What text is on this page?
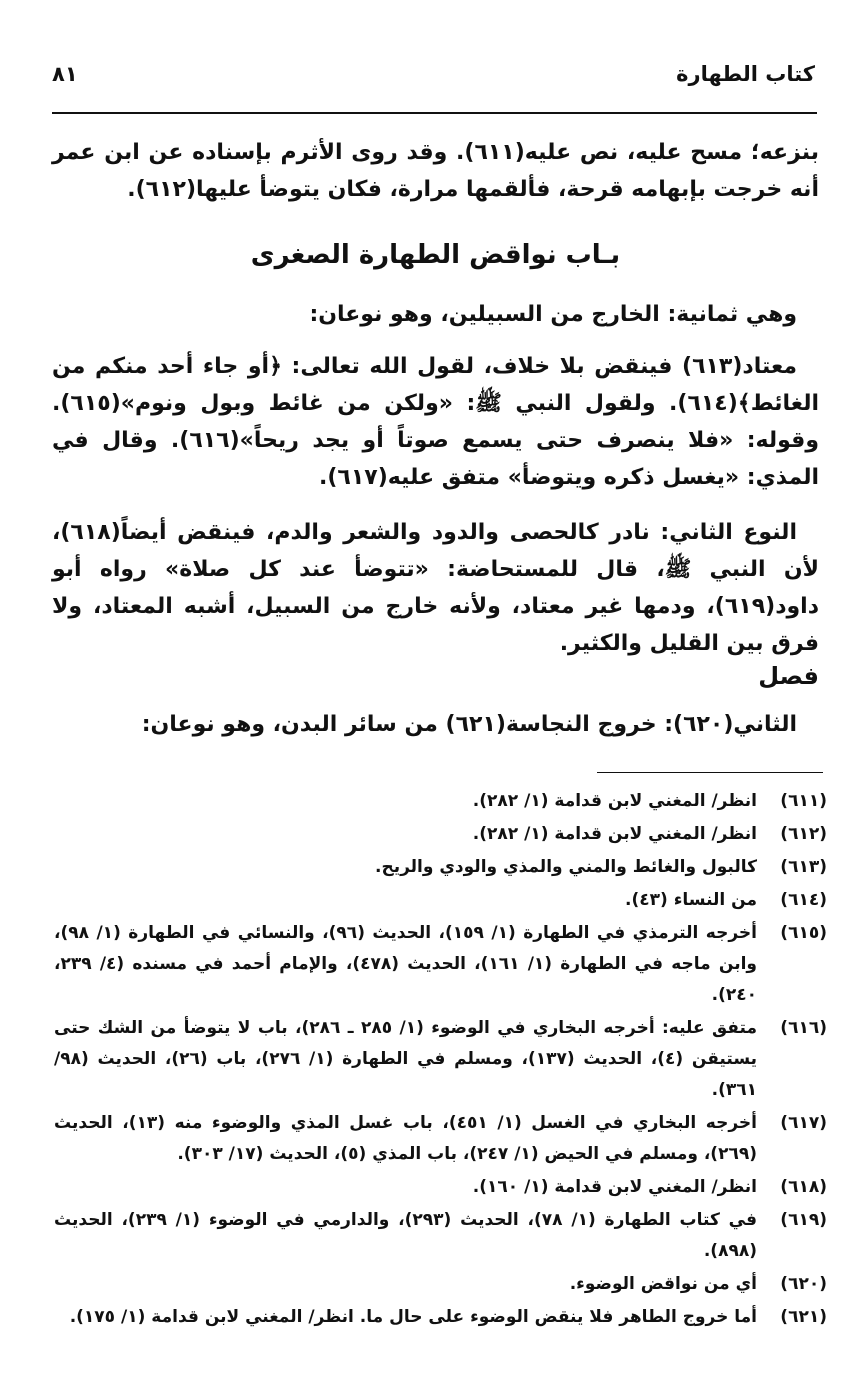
كتاب الطهارة
٨١

بنزعه؛ مسح عليه، نص عليه(٦١١). وقد روى الأثرم بإسناده عن ابن عمر أنه خرجت بإبهامه قرحة، فألقمها مرارة، فكان يتوضأ عليها(٦١٢).

بـاب نواقض الطهارة الصغرى

وهي ثمانية: الخارج من السبيلين، وهو نوعان:

معتاد(٦١٣) فينقض بلا خلاف، لقول الله تعالى: ﴿أو جاء أحد منكم من الغائط﴾(٦١٤). ولقول النبي ﷺ: «ولكن من غائط وبول ونوم»(٦١٥). وقوله: «فلا ينصرف حتى يسمع صوتاً أو يجد ريحاً»(٦١٦). وقال في المذي: «يغسل ذكره ويتوضأ» متفق عليه(٦١٧).

النوع الثاني: نادر كالحصى والدود والشعر والدم، فينقض أيضاً(٦١٨)، لأن النبي ﷺ، قال للمستحاضة: «تتوضأ عند كل صلاة» رواه أبو داود(٦١٩)، ودمها غير معتاد، ولأنه خارج من السبيل، أشبه المعتاد، ولا فرق بين القليل والكثير.

فصل

الثاني(٦٢٠): خروج النجاسة(٦٢١) من سائر البدن، وهو نوعان:

(٦١١)
انظر/ المغني لابن قدامة (١/ ٢٨٢).
(٦١٢)
انظر/ المغني لابن قدامة (١/ ٢٨٢).
(٦١٣)
كالبول والغائط والمني والمذي والودي والريح.
(٦١٤)
من النساء (٤٣).
(٦١٥)
أخرجه الترمذي في الطهارة (١/ ١٥٩)، الحديث (٩٦)، والنسائي في الطهارة (١/ ٩٨)، وابن ماجه في الطهارة (١/ ١٦١)، الحديث (٤٧٨)، والإمام أحمد في مسنده (٤/ ٢٣٩، ٢٤٠).
(٦١٦)
متفق عليه: أخرجه البخاري في الوضوء (١/ ٢٨٥ ـ ٢٨٦)، باب لا يتوضأ من الشك حتى يستيقن (٤)، الحديث (١٣٧)، ومسلم في الطهارة (١/ ٢٧٦)، باب (٢٦)، الحديث (٩٨/ ٣٦١).
(٦١٧)
أخرجه البخاري في الغسل (١/ ٤٥١)، باب غسل المذي والوضوء منه (١٣)، الحديث (٢٦٩)، ومسلم في الحيض (١/ ٢٤٧)، باب المذي (٥)، الحديث (١٧/ ٣٠٣).
(٦١٨)
انظر/ المغني لابن قدامة (١/ ١٦٠).
(٦١٩)
في كتاب الطهارة (١/ ٧٨)، الحديث (٢٩٣)، والدارمي في الوضوء (١/ ٢٣٩)، الحديث (٨٩٨).
(٦٢٠)
أي من نواقض الوضوء.
(٦٢١)
أما خروج الطاهر فلا ينقض الوضوء على حال ما. انظر/ المغني لابن قدامة (١/ ١٧٥).
